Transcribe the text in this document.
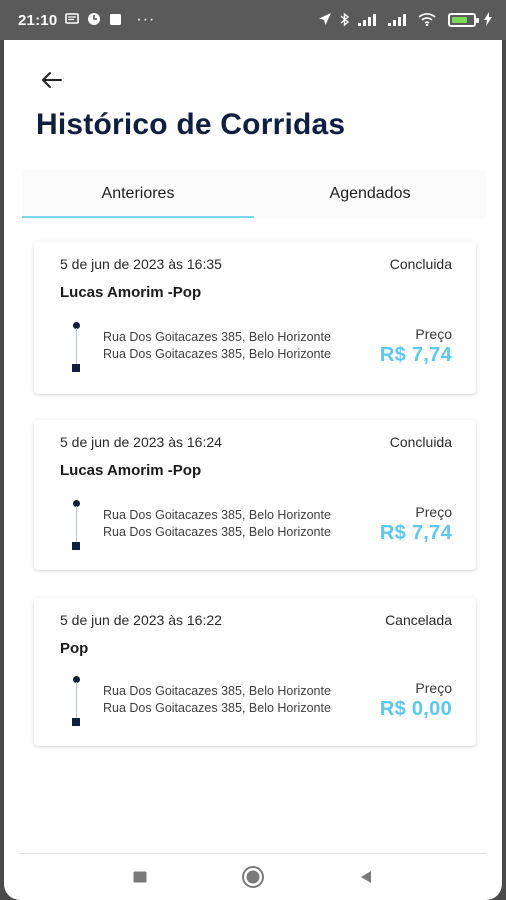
21:10	···
Histórico de Corridas
Anteriores	Agendados
5 de jun de 2023 às 16:35	Concluida
Lucas Amorim -Pop
Rua Dos Goitacazes 385, Belo Horizonte
Rua Dos Goitacazes 385, Belo Horizonte
Preço
R$ 7,74
5 de jun de 2023 às 16:24	Concluida
Lucas Amorim -Pop
Rua Dos Goitacazes 385, Belo Horizonte
Rua Dos Goitacazes 385, Belo Horizonte
Preço
R$ 7,74
5 de jun de 2023 às 16:22	Cancelada
Pop
Rua Dos Goitacazes 385, Belo Horizonte
Rua Dos Goitacazes 385, Belo Horizonte
Preço
R$ 0,00
